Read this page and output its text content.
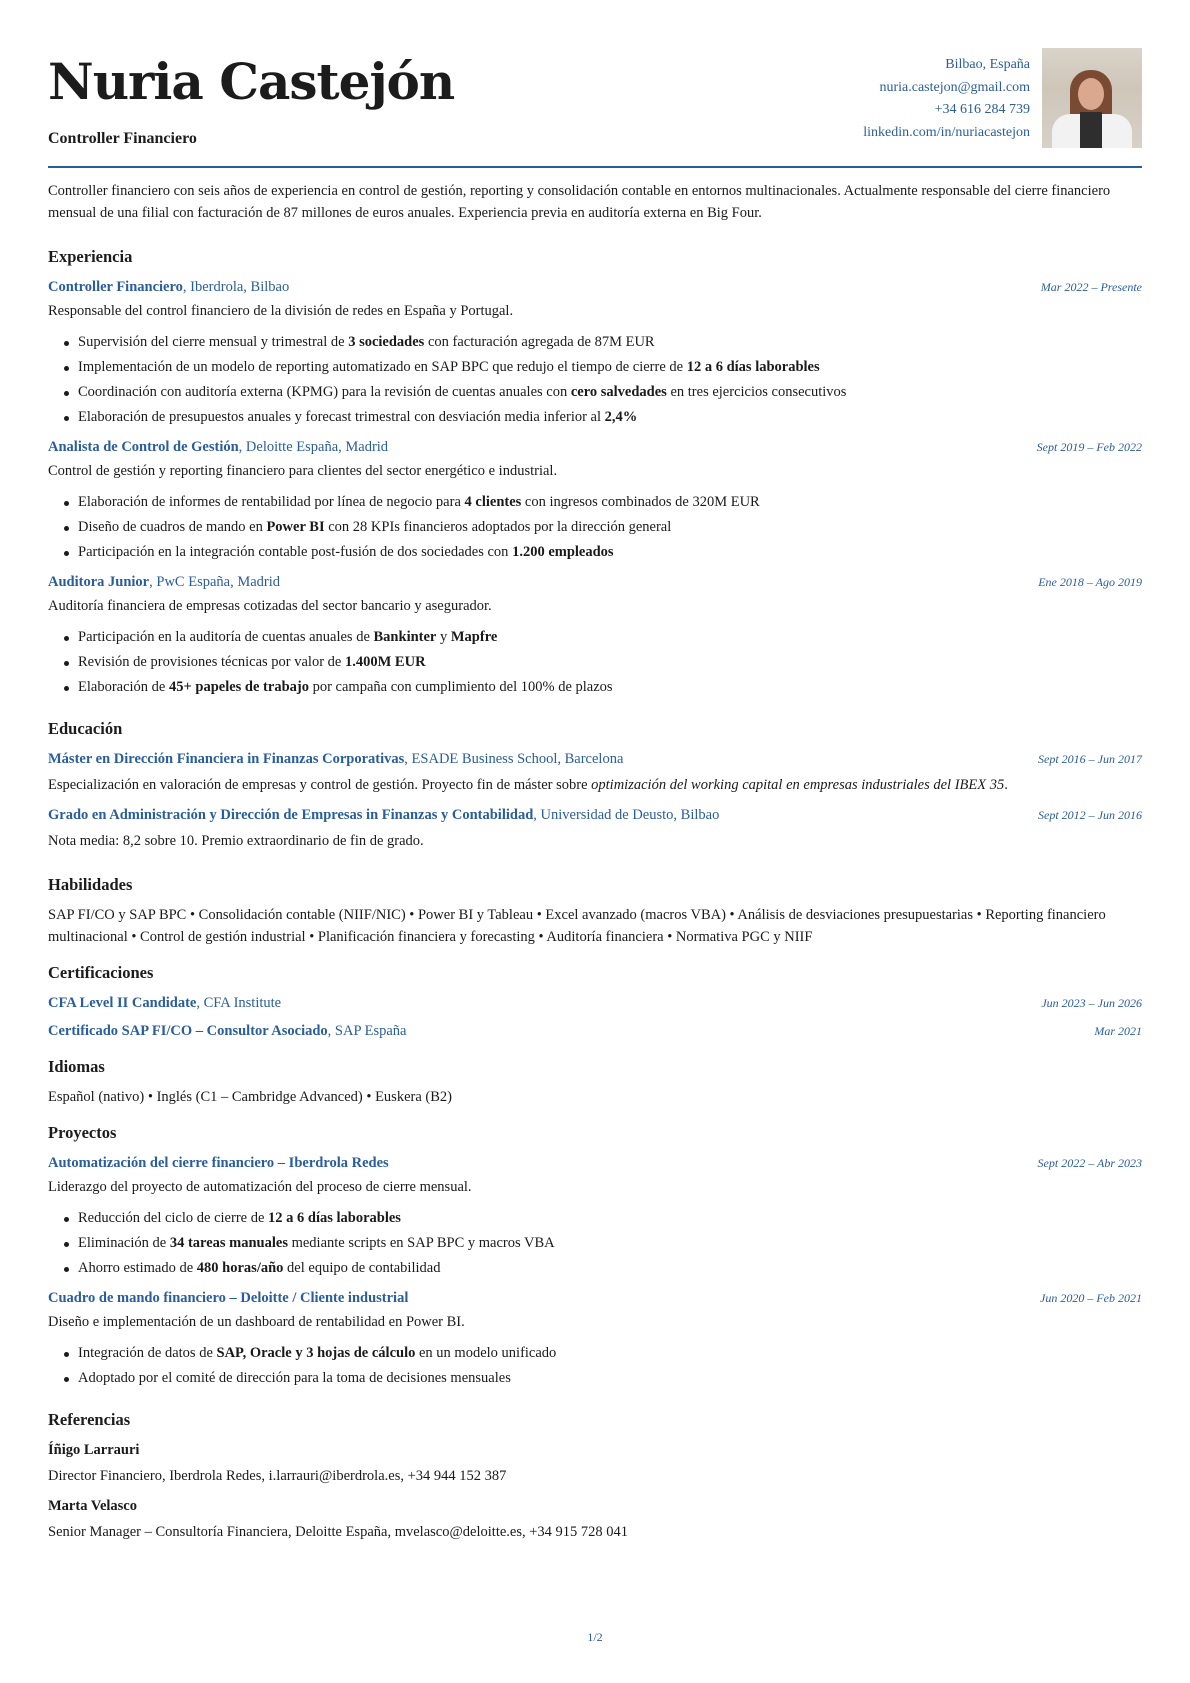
Nuria Castejón
Controller Financiero
Bilbao, España
nuria.castejon@gmail.com
+34 616 284 739
linkedin.com/in/nuriacastejon

Controller financiero con seis años de experiencia en control de gestión, reporting y consolidación contable en entornos multinacionales. Actualmente responsable del cierre financiero mensual de una filial con facturación de 87 millones de euros anuales. Experiencia previa en auditoría externa en Big Four.

Experiencia
Controller Financiero, Iberdrola, Bilbao	Mar 2022 – Presente
Responsable del control financiero de la división de redes en España y Portugal.
Supervisión del cierre mensual y trimestral de 3 sociedades con facturación agregada de 87M EUR
Implementación de un modelo de reporting automatizado en SAP BPC que redujo el tiempo de cierre de 12 a 6 días laborables
Coordinación con auditoría externa (KPMG) para la revisión de cuentas anuales con cero salvedades en tres ejercicios consecutivos
Elaboración de presupuestos anuales y forecast trimestral con desviación media inferior al 2,4%
Analista de Control de Gestión, Deloitte España, Madrid	Sept 2019 – Feb 2022
Control de gestión y reporting financiero para clientes del sector energético e industrial.
Elaboración de informes de rentabilidad por línea de negocio para 4 clientes con ingresos combinados de 320M EUR
Diseño de cuadros de mando en Power BI con 28 KPIs financieros adoptados por la dirección general
Participación en la integración contable post-fusión de dos sociedades con 1.200 empleados
Auditora Junior, PwC España, Madrid	Ene 2018 – Ago 2019
Auditoría financiera de empresas cotizadas del sector bancario y asegurador.
Participación en la auditoría de cuentas anuales de Bankinter y Mapfre
Revisión de provisiones técnicas por valor de 1.400M EUR
Elaboración de 45+ papeles de trabajo por campaña con cumplimiento del 100% de plazos
Educación
Máster en Dirección Financiera in Finanzas Corporativas, ESADE Business School, Barcelona	Sept 2016 – Jun 2017
Especialización en valoración de empresas y control de gestión. Proyecto fin de máster sobre optimización del working capital en empresas industriales del IBEX 35.
Grado en Administración y Dirección de Empresas in Finanzas y Contabilidad, Universidad de Deusto, Bilbao	Sept 2012 – Jun 2016
Nota media: 8,2 sobre 10. Premio extraordinario de fin de grado.
Habilidades

SAP FI/CO y SAP BPC • Consolidación contable (NIIF/NIC) • Power BI y Tableau • Excel avanzado (macros VBA) • Análisis de desviaciones presupuestarias • Reporting financiero multinacional • Control de gestión industrial • Planificación financiera y forecasting • Auditoría financiera • Normativa PGC y NIIF

Certificaciones
CFA Level II Candidate, CFA Institute	Jun 2023 – Jun 2026
Certificado SAP FI/CO – Consultor Asociado, SAP España	Mar 2021
Idiomas

Español (nativo) • Inglés (C1 – Cambridge Advanced) • Euskera (B2)

Proyectos
Automatización del cierre financiero – Iberdrola Redes	Sept 2022 – Abr 2023
Liderazgo del proyecto de automatización del proceso de cierre mensual.
Reducción del ciclo de cierre de 12 a 6 días laborables
Eliminación de 34 tareas manuales mediante scripts en SAP BPC y macros VBA
Ahorro estimado de 480 horas/año del equipo de contabilidad
Cuadro de mando financiero – Deloitte / Cliente industrial	Jun 2020 – Feb 2021
Diseño e implementación de un dashboard de rentabilidad en Power BI.
Integración de datos de SAP, Oracle y 3 hojas de cálculo en un modelo unificado
Adoptado por el comité de dirección para la toma de decisiones mensuales
Referencias
Íñigo Larrauri
Director Financiero, Iberdrola Redes, i.larrauri@iberdrola.es, +34 944 152 387
Marta Velasco
Senior Manager – Consultoría Financiera, Deloitte España, mvelasco@deloitte.es, +34 915 728 041
1/2
